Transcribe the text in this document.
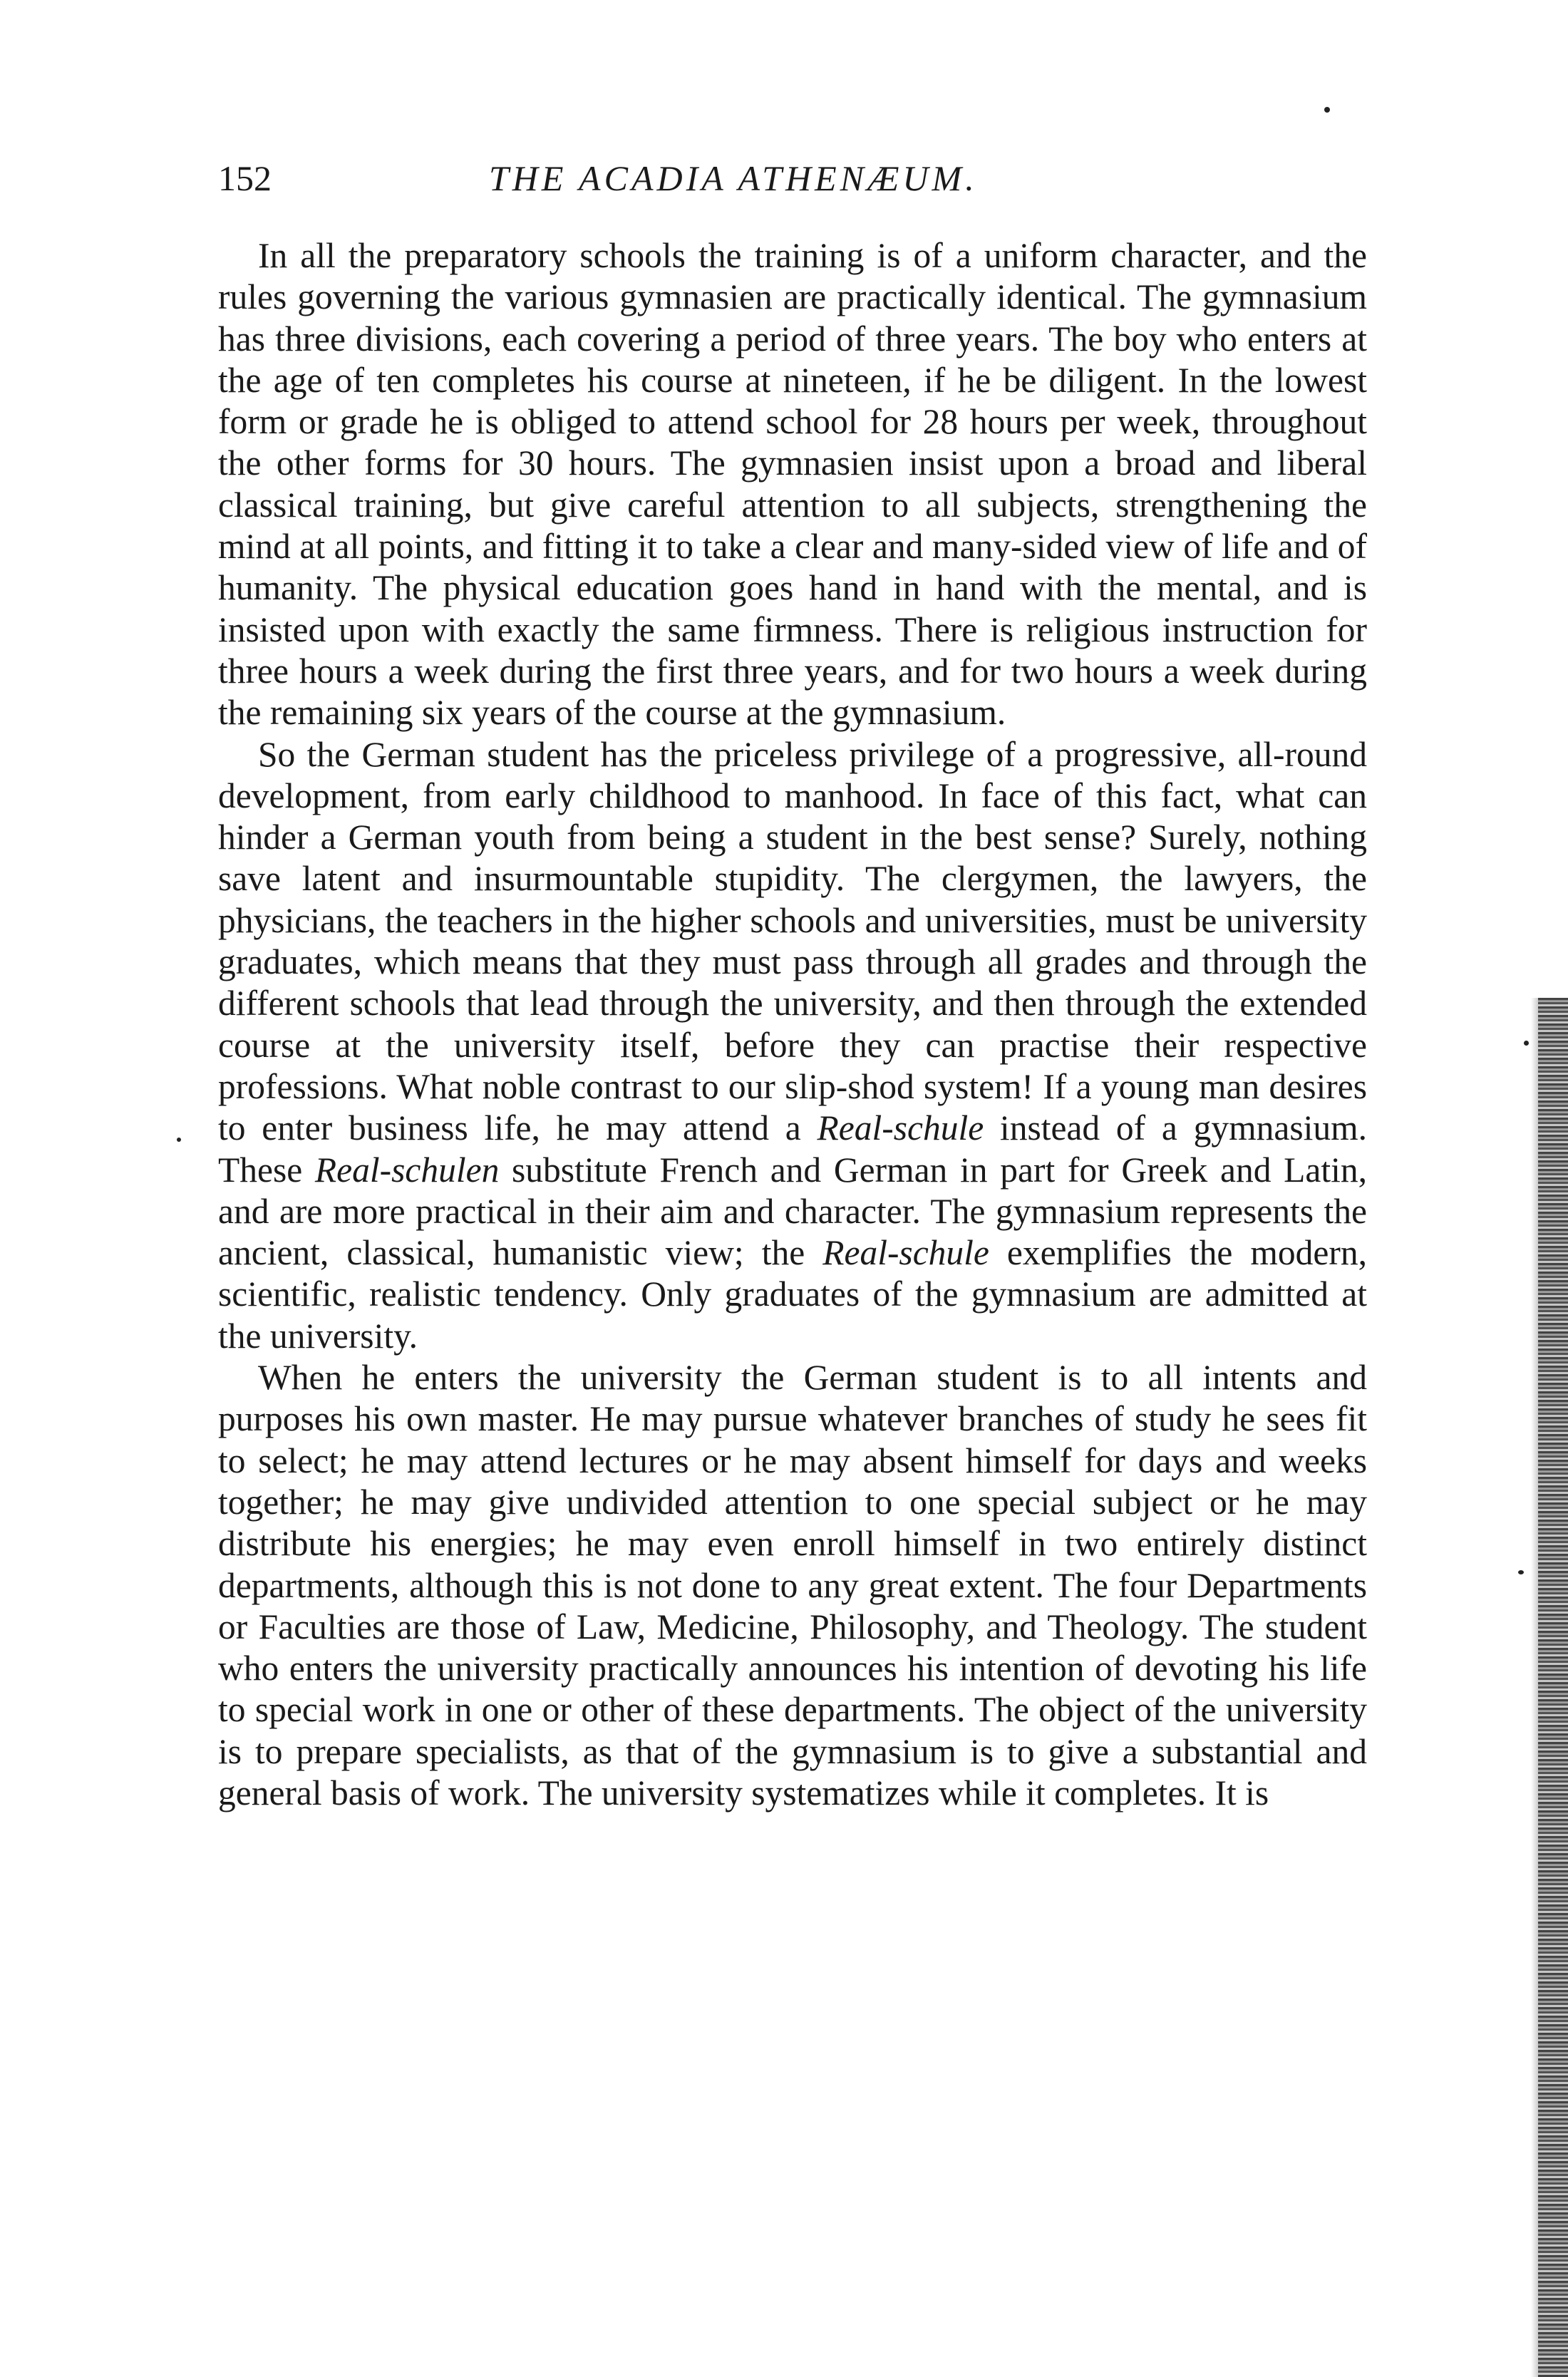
152	THE ACADIA ATHENÆUM.

In all the preparatory schools the training is of a uniform character, and the rules governing the various gymnasien are practically identical. The gymnasium has three divisions, each covering a period of three years. The boy who enters at the age of ten completes his course at nineteen, if he be diligent. In the lowest form or grade he is obliged to attend school for 28 hours per week, throughout the other forms for 30 hours. The gymnasien insist upon a broad and liberal classical training, but give careful attention to all subjects, strengthening the mind at all points, and fitting it to take a clear and many-sided view of life and of humanity. The physical education goes hand in hand with the mental, and is insisted upon with exactly the same firmness. There is religious instruction for three hours a week during the first three years, and for two hours a week during the remaining six years of the course at the gymnasium.

So the German student has the priceless privilege of a progressive, all-round development, from early childhood to manhood. In face of this fact, what can hinder a German youth from being a student in the best sense? Surely, nothing save latent and insurmountable stupidity. The clergymen, the lawyers, the physicians, the teachers in the higher schools and universities, must be university graduates, which means that they must pass through all grades and through the different schools that lead through the university, and then through the extended course at the university itself, before they can practise their respective professions. What noble contrast to our slip-shod system! If a young man desires to enter business life, he may attend a Real-schule instead of a gymnasium. These Real-schulen substitute French and German in part for Greek and Latin, and are more practical in their aim and character. The gymnasium represents the ancient, classical, humanistic view; the Real-schule exemplifies the modern, scientific, realistic tendency. Only graduates of the gymnasium are admitted at the university.

When he enters the university the German student is to all intents and purposes his own master. He may pursue whatever branches of study he sees fit to select; he may attend lectures or he may absent himself for days and weeks together; he may give undivided attention to one special subject or he may distribute his energies; he may even enroll himself in two entirely distinct departments, although this is not done to any great extent. The four Departments or Faculties are those of Law, Medicine, Philosophy, and Theology. The student who enters the university practically announces his intention of devoting his life to special work in one or other of these departments. The object of the university is to prepare specialists, as that of the gymnasium is to give a substantial and general basis of work. The university systematizes while it completes. It is
